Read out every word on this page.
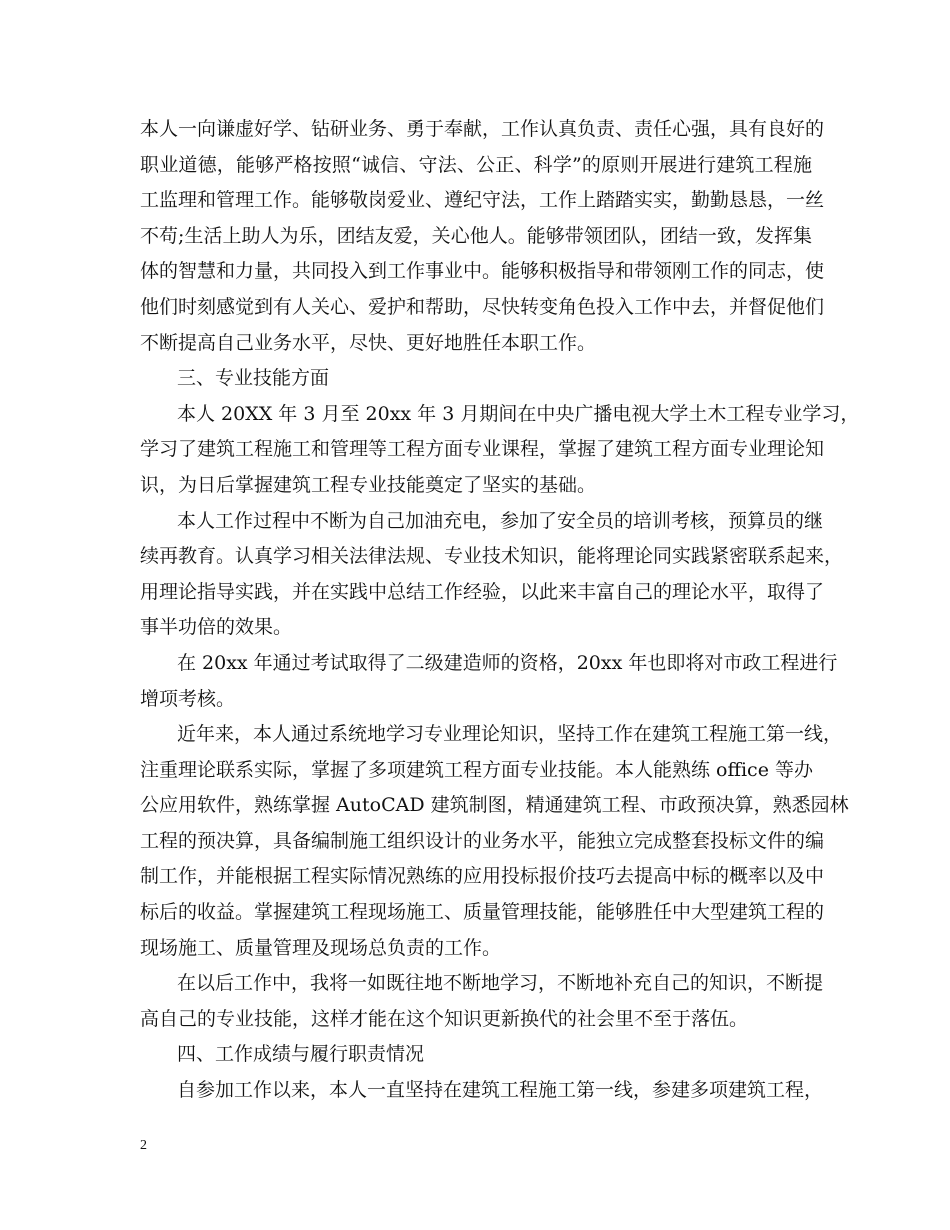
本人一向谦虚好学、钻研业务、勇于奉献，工作认真负责、责任心强，具有良好的
职业道德，能够严格按照“诚信、守法、公正、科学”的原则开展进行建筑工程施
工监理和管理工作。能够敬岗爱业、遵纪守法，工作上踏踏实实，勤勤恳恳，一丝
不苟;生活上助人为乐，团结友爱，关心他人。能够带领团队，团结一致，发挥集
体的智慧和力量，共同投入到工作事业中。能够积极指导和带领刚工作的同志，使
他们时刻感觉到有人关心、爱护和帮助，尽快转变角色投入工作中去，并督促他们
不断提高自己业务水平，尽快、更好地胜任本职工作。
三、专业技能方面
本人 20XX 年 3 月至 20xx 年 3 月期间在中央广播电视大学土木工程专业学习，
学习了建筑工程施工和管理等工程方面专业课程，掌握了建筑工程方面专业理论知
识，为日后掌握建筑工程专业技能奠定了坚实的基础。
本人工作过程中不断为自己加油充电，参加了安全员的培训考核，预算员的继
续再教育。认真学习相关法律法规、专业技术知识，能将理论同实践紧密联系起来，
用理论指导实践，并在实践中总结工作经验，以此来丰富自己的理论水平，取得了
事半功倍的效果。
在 20xx 年通过考试取得了二级建造师的资格，20xx 年也即将对市政工程进行
增项考核。
近年来，本人通过系统地学习专业理论知识，坚持工作在建筑工程施工第一线，
注重理论联系实际，掌握了多项建筑工程方面专业技能。本人能熟练 office 等办
公应用软件，熟练掌握 AutoCAD 建筑制图，精通建筑工程、市政预决算，熟悉园林
工程的预决算，具备编制施工组织设计的业务水平，能独立完成整套投标文件的编
制工作，并能根据工程实际情况熟练的应用投标报价技巧去提高中标的概率以及中
标后的收益。掌握建筑工程现场施工、质量管理技能，能够胜任中大型建筑工程的
现场施工、质量管理及现场总负责的工作。
在以后工作中，我将一如既往地不断地学习，不断地补充自己的知识，不断提
高自己的专业技能，这样才能在这个知识更新换代的社会里不至于落伍。
四、工作成绩与履行职责情况
自参加工作以来，本人一直坚持在建筑工程施工第一线，参建多项建筑工程，
2
